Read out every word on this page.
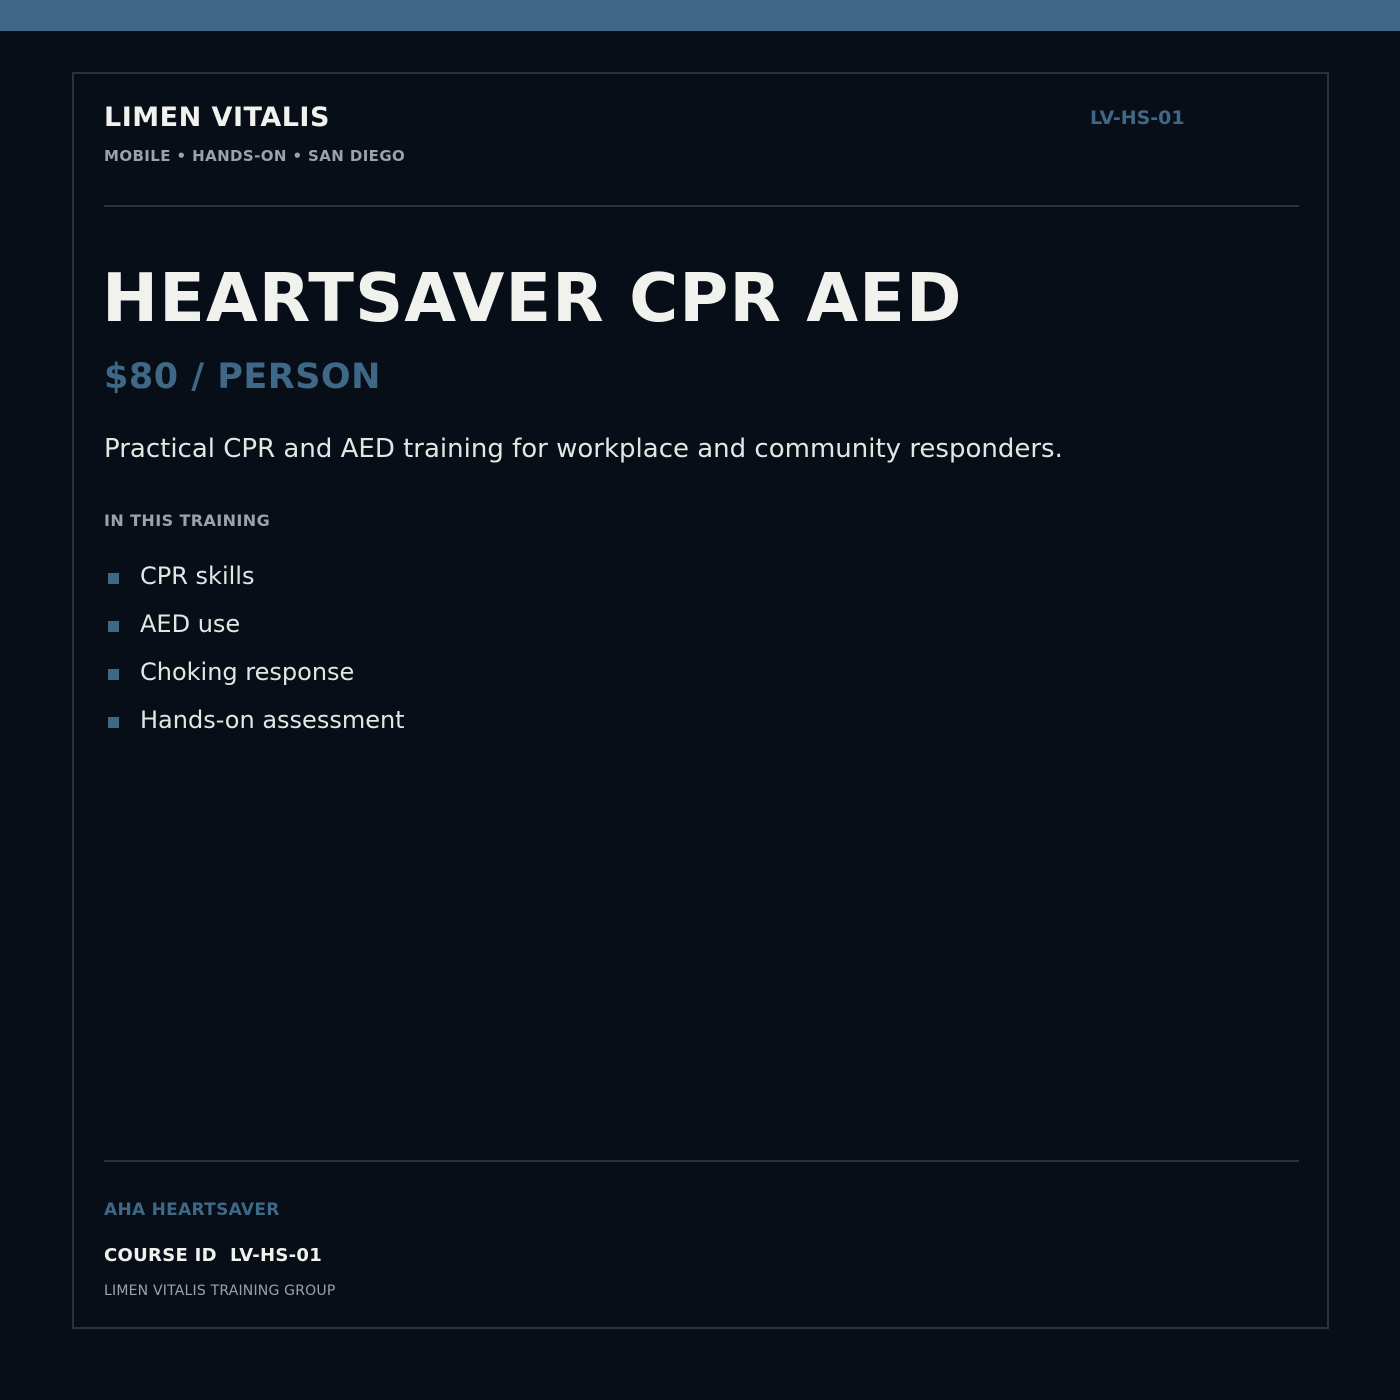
LIMEN VITALIS
MOBILE • HANDS-ON • SAN DIEGO
LV-HS-01
HEARTSAVER CPR AED
$80 / PERSON
Practical CPR and AED training for workplace and community responders.
IN THIS TRAINING
CPR skills
AED use
Choking response
Hands-on assessment
AHA HEARTSAVER
COURSE ID LV-HS-01
LIMEN VITALIS TRAINING GROUP
